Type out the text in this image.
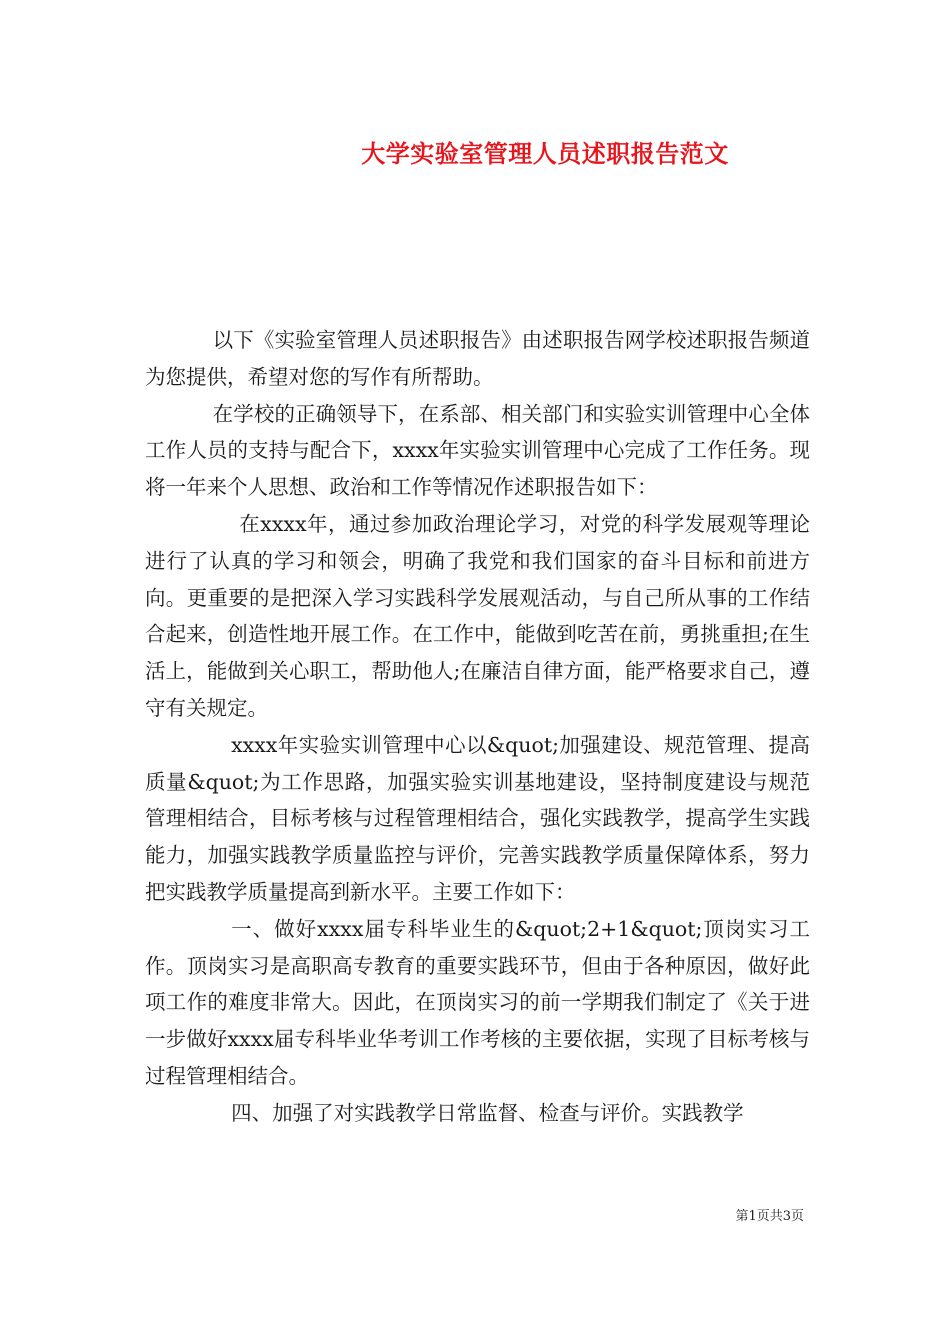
大学实验室管理人员述职报告范文

以下《实验室管理人员述职报告》由述职报告网学校述职报告频道为您提供，希望对您的写作有所帮助。

在学校的正确领导下，在系部、相关部门和实验实训管理中心全体工作人员的支持与配合下，xxxx年实验实训管理中心完成了工作任务。现将一年来个人思想、政治和工作等情况作述职报告如下：

在xxxx年，通过参加政治理论学习，对党的科学发展观等理论进行了认真的学习和领会，明确了我党和我们国家的奋斗目标和前进方向。更重要的是把深入学习实践科学发展观活动，与自己所从事的工作结合起来，创造性地开展工作。在工作中，能做到吃苦在前，勇挑重担;在生活上，能做到关心职工，帮助他人;在廉洁自律方面，能严格要求自己，遵守有关规定。

xxxx年实验实训管理中心以&quot;加强建设、规范管理、提高质量&quot;为工作思路，加强实验实训基地建设，坚持制度建设与规范管理相结合，目标考核与过程管理相结合，强化实践教学，提高学生实践能力，加强实践教学质量监控与评价，完善实践教学质量保障体系，努力把实践教学质量提高到新水平。主要工作如下：

一、做好xxxx届专科毕业生的&quot;2+1&quot;顶岗实习工作。顶岗实习是高职高专教育的重要实践环节，但由于各种原因，做好此项工作的难度非常大。因此，在顶岗实习的前一学期我们制定了《关于进一步做好xxxx届专科毕业华考训工作考核的主要依据，实现了目标考核与过程管理相结合。

四、加强了对实践教学日常监督、检查与评价。实践教学

第1页共3页
